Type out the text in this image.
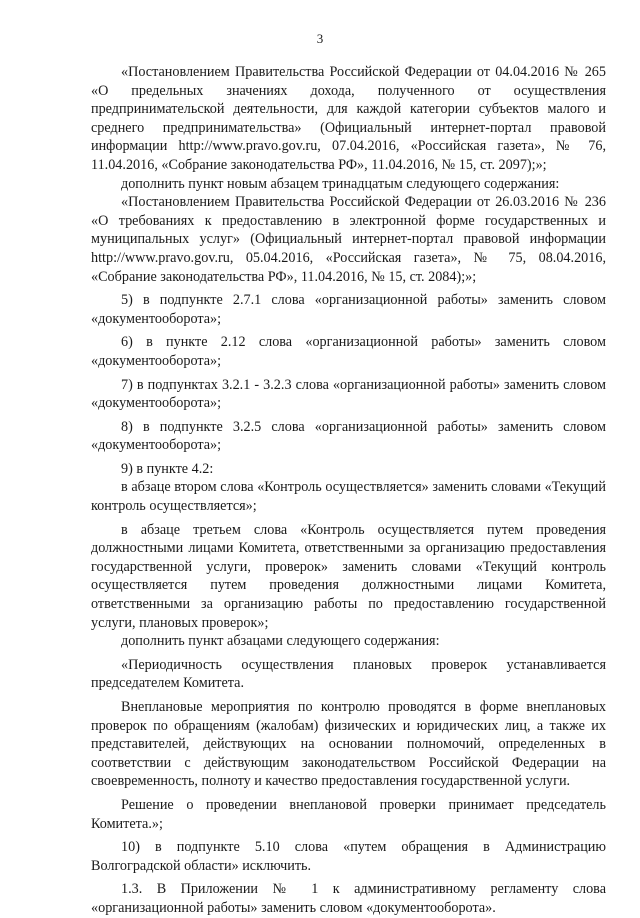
3

«Постановлением Правительства Российской Федерации от 04.04.2016 № 265 «О предельных значениях дохода, полученного от осуществления предпринимательской деятельности, для каждой категории субъектов малого и среднего предпринимательства» (Официальный интернет-портал правовой информации http://www.pravo.gov.ru, 07.04.2016, «Российская газета», № 76, 11.04.2016, «Собрание законодательства РФ», 11.04.2016, № 15, ст. 2097);»;

дополнить пункт новым абзацем тринадцатым следующего содержания:

«Постановлением Правительства Российской Федерации от 26.03.2016 № 236 «О требованиях к предоставлению в электронной форме государственных и муниципальных услуг» (Официальный интернет-портал правовой информации http://www.pravo.gov.ru, 05.04.2016, «Российская газета», № 75, 08.04.2016, «Собрание законодательства РФ», 11.04.2016, № 15, ст. 2084);»;

5) в подпункте 2.7.1 слова «организационной работы» заменить словом «документооборота»;

6) в пункте 2.12 слова «организационной работы» заменить словом «документооборота»;

7) в подпунктах 3.2.1 - 3.2.3 слова «организационной работы» заменить словом «документооборота»;

8) в подпункте 3.2.5 слова «организационной работы» заменить словом «документооборота»;

9) в пункте 4.2:

в абзаце втором слова «Контроль осуществляется» заменить словами «Текущий контроль осуществляется»;

в абзаце третьем слова «Контроль осуществляется путем проведения должностными лицами Комитета, ответственными за организацию предоставления государственной услуги, проверок» заменить словами «Текущий контроль осуществляется путем проведения должностными лицами Комитета, ответственными за организацию работы по предоставлению государственной услуги, плановых проверок»;

дополнить пункт абзацами следующего содержания:

«Периодичность осуществления плановых проверок устанавливается председателем Комитета.

Внеплановые мероприятия по контролю проводятся в форме внеплановых проверок по обращениям (жалобам) физических и юридических лиц, а также их представителей, действующих на основании полномочий, определенных в соответствии с действующим законодательством Российской Федерации на своевременность, полноту и качество предоставления государственной услуги.

Решение о проведении внеплановой проверки принимает председатель Комитета.»;

10) в подпункте 5.10 слова «путем обращения в Администрацию Волгоградской области» исключить.

1.3. В Приложении № 1 к административному регламенту слова «организационной работы» заменить словом «документооборота».
